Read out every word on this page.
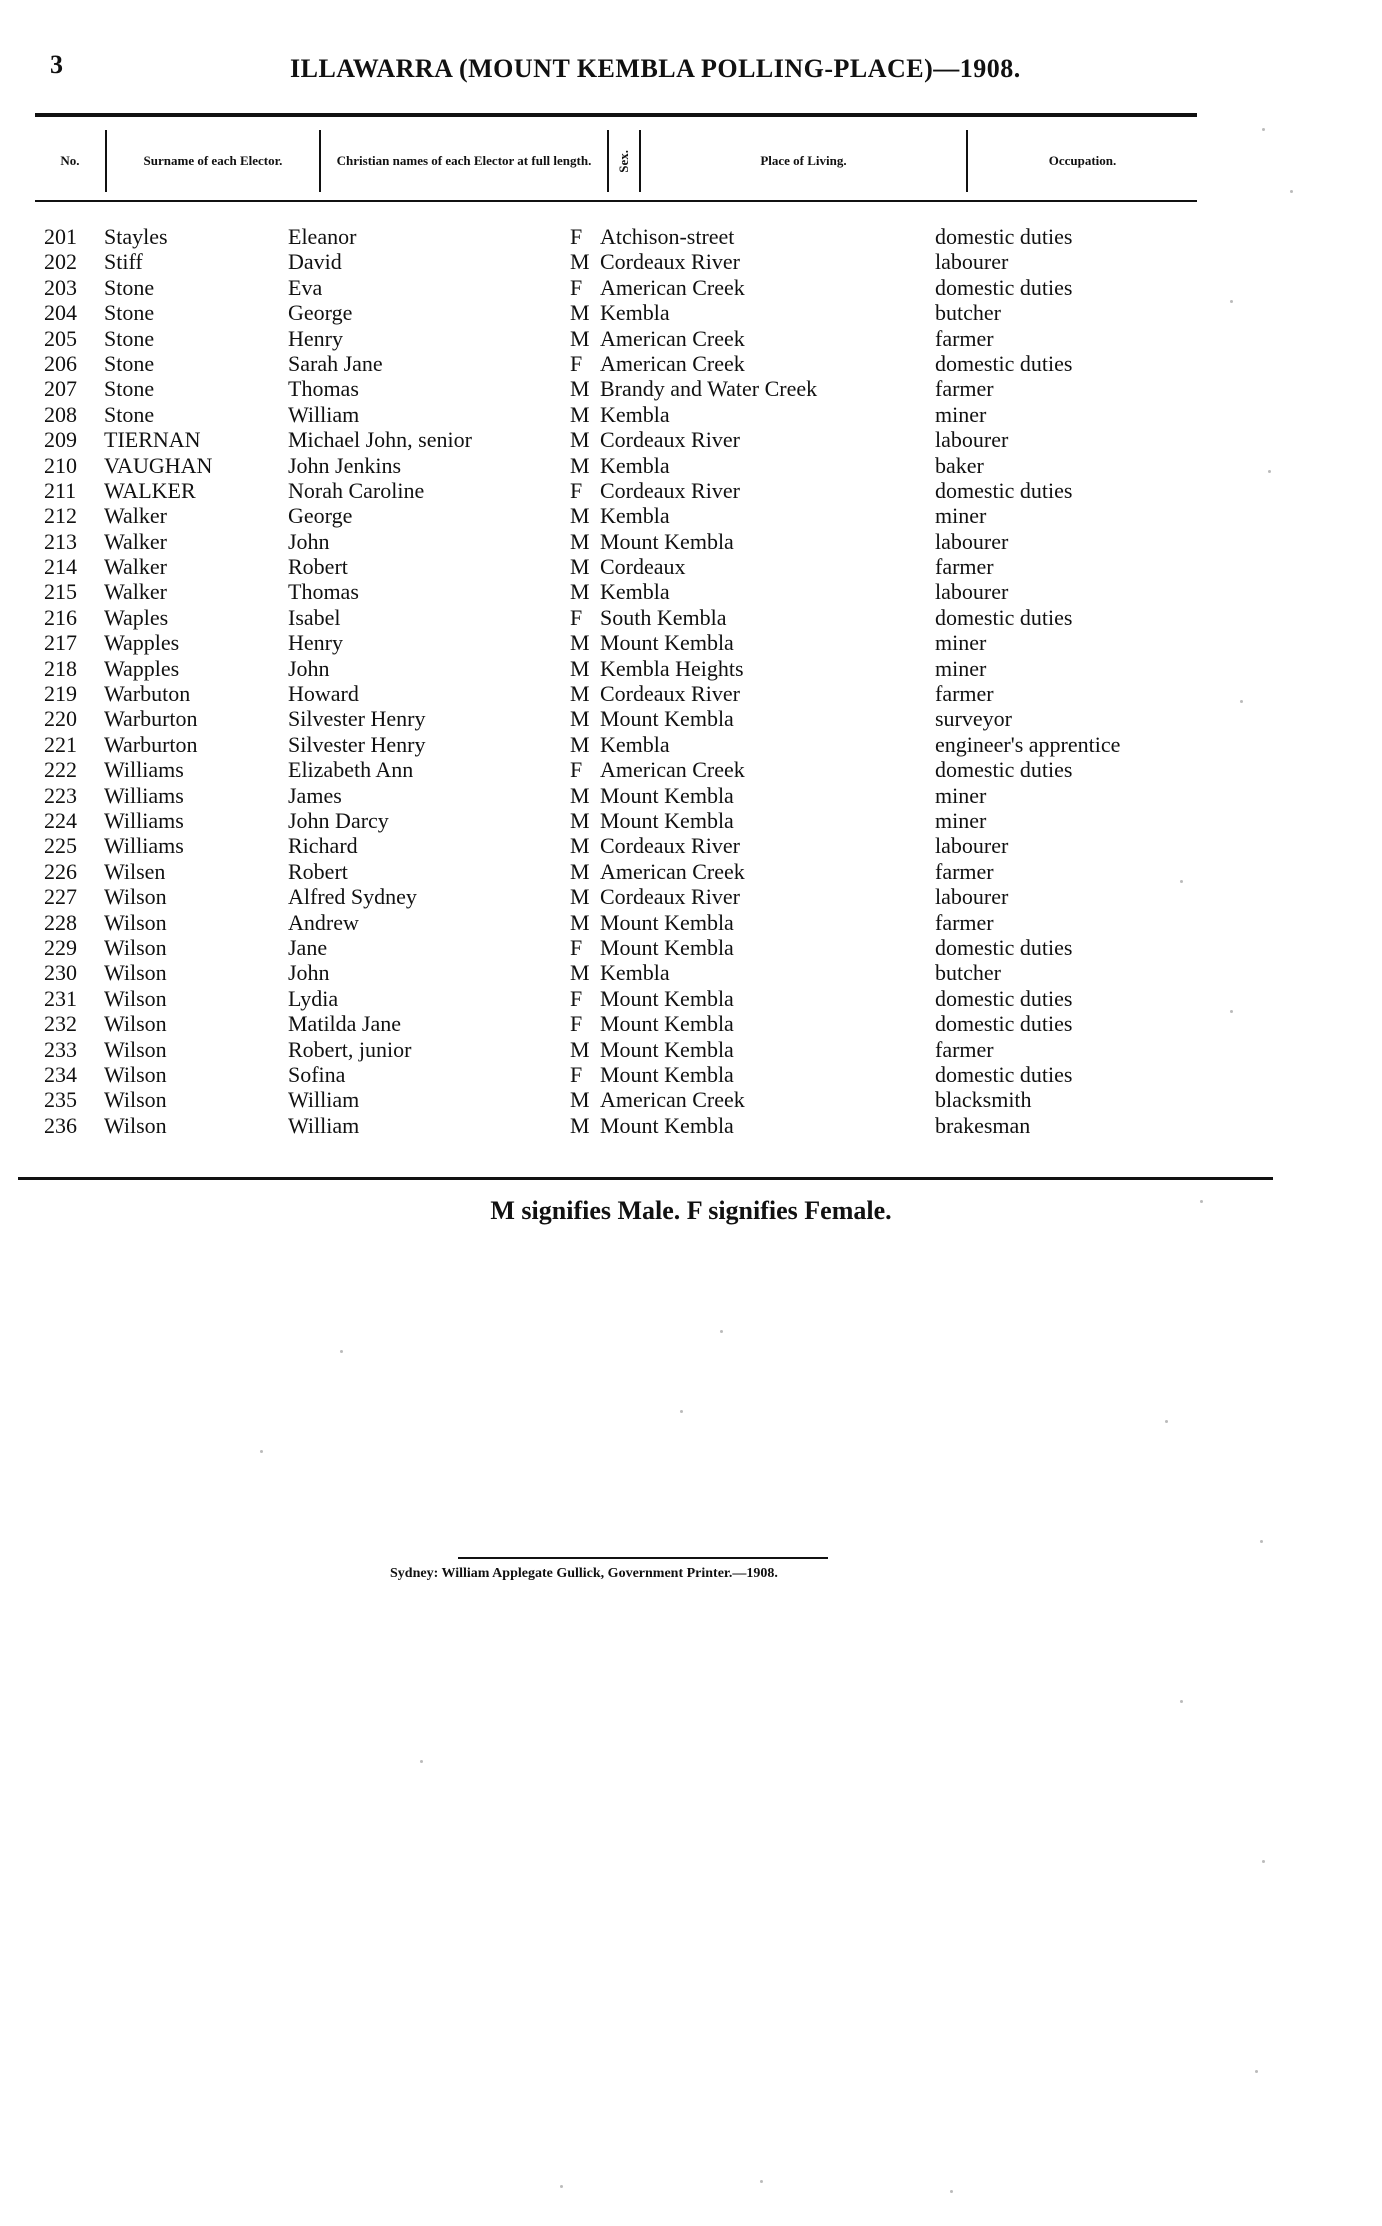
3	ILLAWARRA (MOUNT KEMBLA POLLING-PLACE)—1908.
No.	Surname of each Elector.	Christian names of each Elector at full length. Sex.	Place of Living.	Occupation.
201 Stayles	Eleanor	F Atchison-street	domestic duties
202 Stiff	David	M Cordeaux River	labourer
203 Stone	Eva	F American Creek	domestic duties
204 Stone	George	M Kembla	butcher
205 Stone	Henry	M American Creek	farmer
206 Stone	Sarah Jane	F American Creek	domestic duties
207 Stone	Thomas	M Brandy and Water Creek	farmer
208 Stone	William	M Kembla	miner
209 TIERNAN	Michael John, senior	M Cordeaux River	labourer
210 VAUGHAN	John Jenkins	M Kembla	baker
211 WALKER	Norah Caroline	F Cordeaux River	domestic duties
212 Walker	George	M Kembla	miner
213 Walker	John	M Mount Kembla	labourer
214 Walker	Robert	M Cordeaux	farmer
215 Walker	Thomas	M Kembla	labourer
216 Waples	Isabel	F South Kembla	domestic duties
217 Wapples	Henry	M Mount Kembla	miner
218 Wapples	John	M Kembla Heights	miner
219 Warbuton	Howard	M Cordeaux River	farmer
220 Warburton	Silvester Henry	M Mount Kembla	surveyor
221 Warburton	Silvester Henry	M Kembla	engineer's apprentice
222 Williams	Elizabeth Ann	F American Creek	domestic duties
223 Williams	James	M Mount Kembla	miner
224 Williams	John Darcy	M Mount Kembla	miner
225 Williams	Richard	M Cordeaux River	labourer
226 Wilsen	Robert	M American Creek	farmer
227 Wilson	Alfred Sydney	M Cordeaux River	labourer
228 Wilson	Andrew	M Mount Kembla	farmer
229 Wilson	Jane	F Mount Kembla	domestic duties
230 Wilson	John	M Kembla	butcher
231 Wilson	Lydia	F Mount Kembla	domestic duties
232 Wilson	Matilda Jane	F Mount Kembla	domestic duties
233 Wilson	Robert, junior	M Mount Kembla	farmer
234 Wilson	Sofina	F Mount Kembla	domestic duties
235 Wilson	William	M American Creek	blacksmith
236 Wilson	William	M Mount Kembla	brakesman
M signifies Male. F signifies Female.
Sydney: William Applegate Gullick, Government Printer.—1908.
